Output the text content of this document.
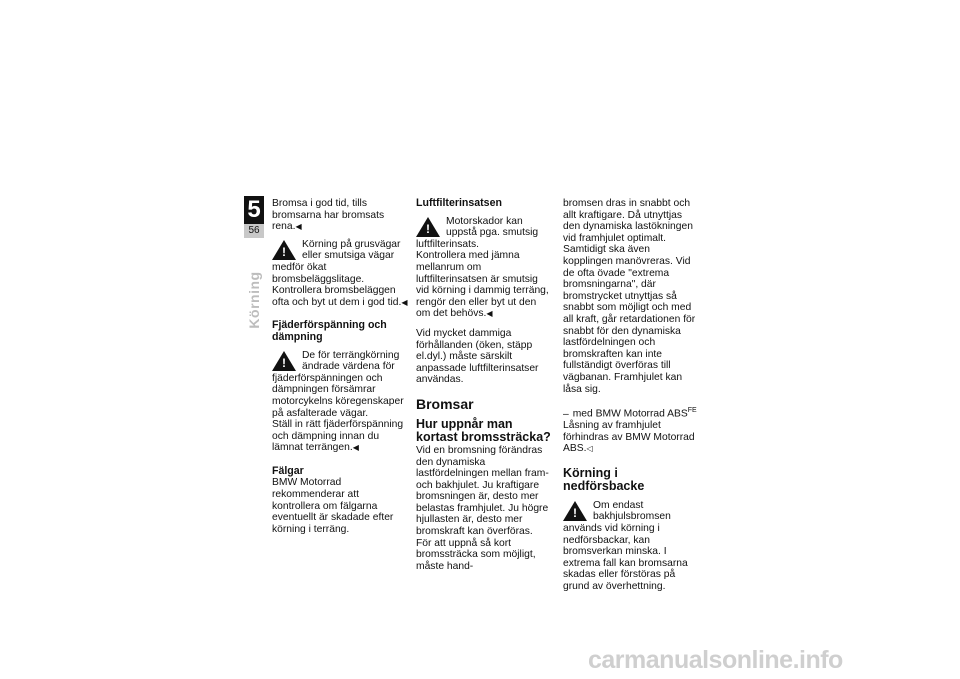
5
56
Körning

Bromsa i god tid, tills bromsarna har bromsats rena.◀

!

Körning på grusvägar eller smutsiga vägar medför ökat bromsbeläggslitage.

Kontrollera bromsbeläggen ofta och byt ut dem i god tid.◀

Fjäderförspänning och dämpning

!

De för terrängkörning ändrade värdena för fjäderförspänningen och dämpningen försämrar motorcykelns köregenskaper på asfalterade vägar.

Ställ in rätt fjäderförspänning och dämpning innan du lämnat terrängen.◀

Fälgar

BMW Motorrad rekommenderar att kontrollera om fälgarna eventuellt är skadade efter körning i terräng.

Luftfilterinsatsen

!

Motorskador kan uppstå pga. smutsig luftfilterinsats.

Kontrollera med jämna mellanrum om luftfilterinsatsen är smutsig vid körning i dammig terräng, rengör den eller byt ut den om det behövs.◀

Vid mycket dammiga förhållanden (öken, stäpp el.dyl.) måste särskilt anpassade luftfilterinsatser användas.

Bromsar

Hur uppnår man kortast bromssträcka?

Vid en bromsning förändras den dynamiska lastfördelningen mellan fram- och bakhjulet. Ju kraftigare bromsningen är, desto mer belastas framhjulet. Ju högre hjullasten är, desto mer bromskraft kan överföras.

För att uppnå så kort bromssträcka som möjligt, måste hand-

bromsen dras in snabbt och allt kraftigare. Då utnyttjas den dynamiska lastökningen vid framhjulet optimalt. Samtidigt ska även kopplingen manövreras. Vid de ofta övade "extrema bromsningarna", där bromstrycket utnyttjas så snabbt som möjligt och med all kraft, går retardationen för snabbt för den dynamiska lastfördelningen och bromskraften kan inte fullständigt överföras till vägbanan. Framhjulet kan låsa sig.

– med BMW Motorrad $ABS^{FE}$

Låsning av framhjulet förhindras av BMW Motorrad ABS.◁

Körning i nedförsbacke

!

Om endast bakhjulsbromsen används vid körning i nedförsbackar, kan bromsverkan minska. I extrema fall kan bromsarna skadas eller förstöras på grund av överhettning.

carmanualsonline.info
